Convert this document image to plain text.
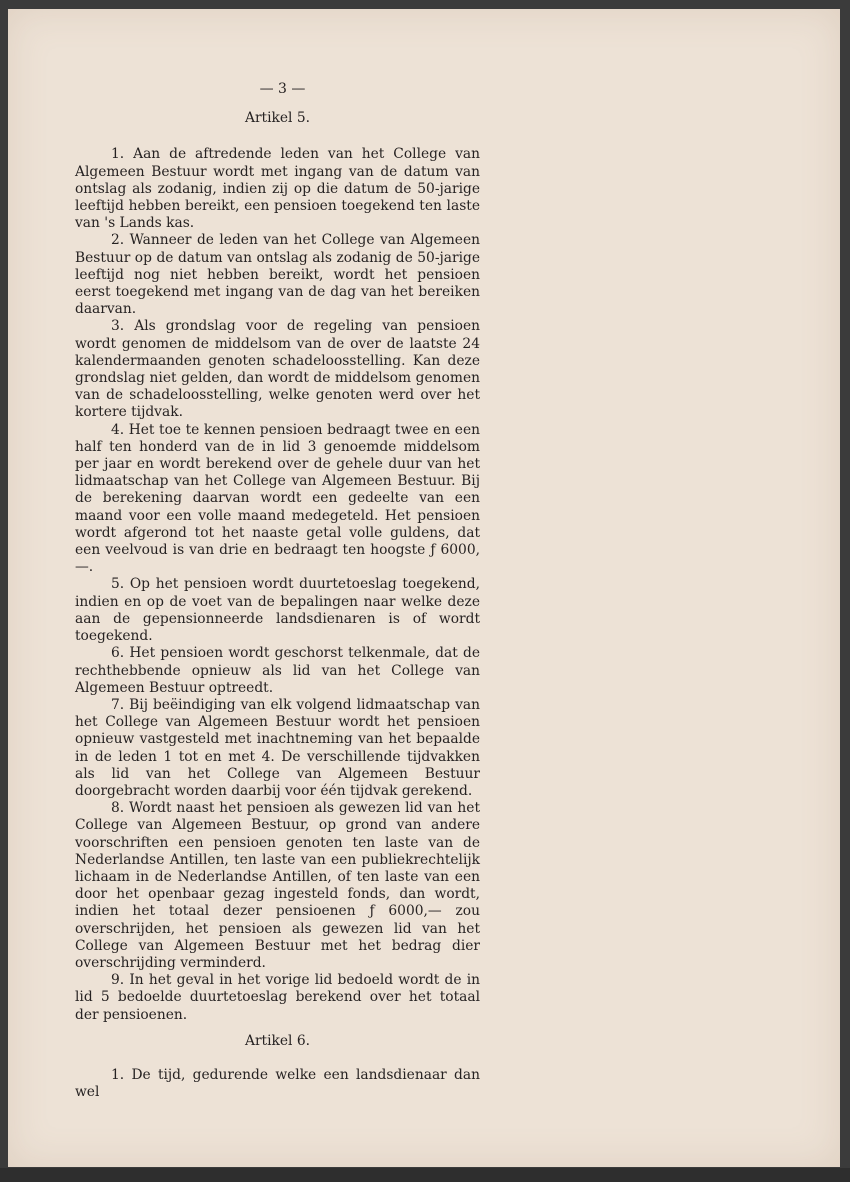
— 3 —

Artikel 5.

1. Aan de aftredende leden van het College van Algemeen Bestuur wordt met ingang van de datum van ontslag als zodanig, indien zij op die datum de 50-jarige leeftijd hebben bereikt, een pensioen toegekend ten laste van 's Lands kas.

2. Wanneer de leden van het College van Algemeen Bestuur op de datum van ontslag als zodanig de 50-jarige leeftijd nog niet hebben bereikt, wordt het pensioen eerst toegekend met ingang van de dag van het bereiken daarvan.

3. Als grondslag voor de regeling van pensioen wordt genomen de middelsom van de over de laatste 24 kalendermaanden genoten schadeloosstelling. Kan deze grondslag niet gelden, dan wordt de middelsom genomen van de schadeloosstelling, welke genoten werd over het kortere tijdvak.

4. Het toe te kennen pensioen bedraagt twee en een half ten honderd van de in lid 3 genoemde middelsom per jaar en wordt berekend over de gehele duur van het lidmaatschap van het College van Algemeen Bestuur. Bij de berekening daarvan wordt een gedeelte van een maand voor een volle maand medegeteld. Het pensioen wordt afgerond tot het naaste getal volle guldens, dat een veelvoud is van drie en bedraagt ten hoogste ƒ 6000,—.

5. Op het pensioen wordt duurtetoeslag toegekend, indien en op de voet van de bepalingen naar welke deze aan de gepensionneerde landsdienaren is of wordt toegekend.

6. Het pensioen wordt geschorst telkenmale, dat de rechthebbende opnieuw als lid van het College van Algemeen Bestuur optreedt.

7. Bij beëindiging van elk volgend lidmaatschap van het College van Algemeen Bestuur wordt het pensioen opnieuw vastgesteld met inachtneming van het bepaalde in de leden 1 tot en met 4. De verschillende tijdvakken als lid van het College van Algemeen Bestuur doorgebracht worden daarbij voor één tijdvak gerekend.

8. Wordt naast het pensioen als gewezen lid van het College van Algemeen Bestuur, op grond van andere voorschriften een pensioen genoten ten laste van de Nederlandse Antillen, ten laste van een publiekrechtelijk lichaam in de Nederlandse Antillen, of ten laste van een door het openbaar gezag ingesteld fonds, dan wordt, indien het totaal dezer pensioenen ƒ 6000,— zou overschrijden, het pensioen als gewezen lid van het College van Algemeen Bestuur met het bedrag dier overschrijding verminderd.

9. In het geval in het vorige lid bedoeld wordt de in lid 5 bedoelde duurtetoeslag berekend over het totaal der pensioenen.

Artikel 6.

1. De tijd, gedurende welke een landsdienaar dan wel
